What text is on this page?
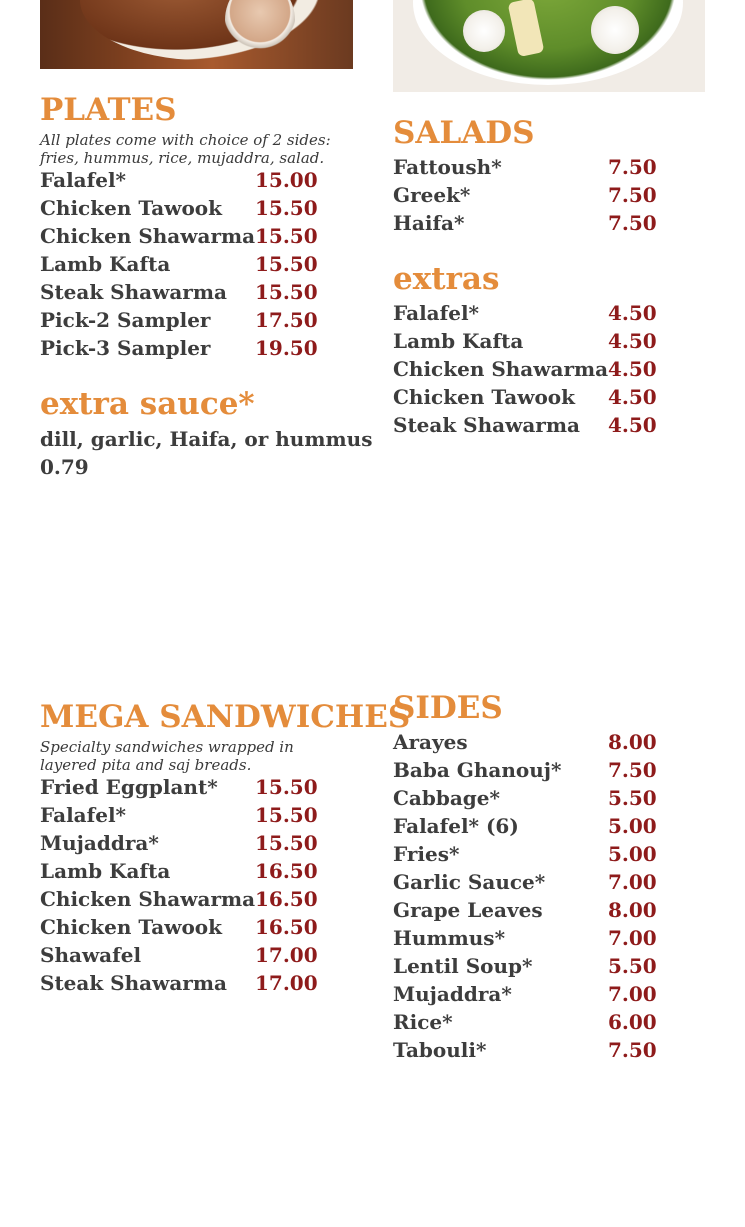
PLATES
All plates come with choice of 2 sides:
fries, hummus, rice, mujaddra, salad.
Falafel*	15.00
Chicken Tawook 15.50
Chicken Shawarma 15.50
Lamb Kafta	15.50
Steak Shawarma 15.50
Pick-2 Sampler 17.50
Pick-3 Sampler 19.50
extra sauce*
dill, garlic, Haifa, or hummus
0.79
SALADS
Fattoush*	7.50
Greek*	7.50
Haifa*	7.50
extras
Falafel*	4.50
Lamb Kafta	4.50
Chicken Shawarma 4.50
Chicken Tawook 4.50
Steak Shawarma 4.50
MEGA SANDWICHES
Specialty sandwiches wrapped in
layered pita and saj breads.
Fried Eggplant* 15.50
Falafel*	15.50
Mujaddra*	15.50
Lamb Kafta	16.50
Chicken Shawarma 16.50
Chicken Tawook 16.50
Shawafel	17.00
Steak Shawarma 17.00
SIDES
Arayes	8.00
Baba Ghanouj* 7.50
Cabbage*	5.50
Falafel* (6)	5.00
Fries*	5.00
Garlic Sauce*	7.00
Grape Leaves	8.00
Hummus*	7.00
Lentil Soup*	5.50
Mujaddra*	7.00
Rice*	6.00
Tabouli*	7.50
